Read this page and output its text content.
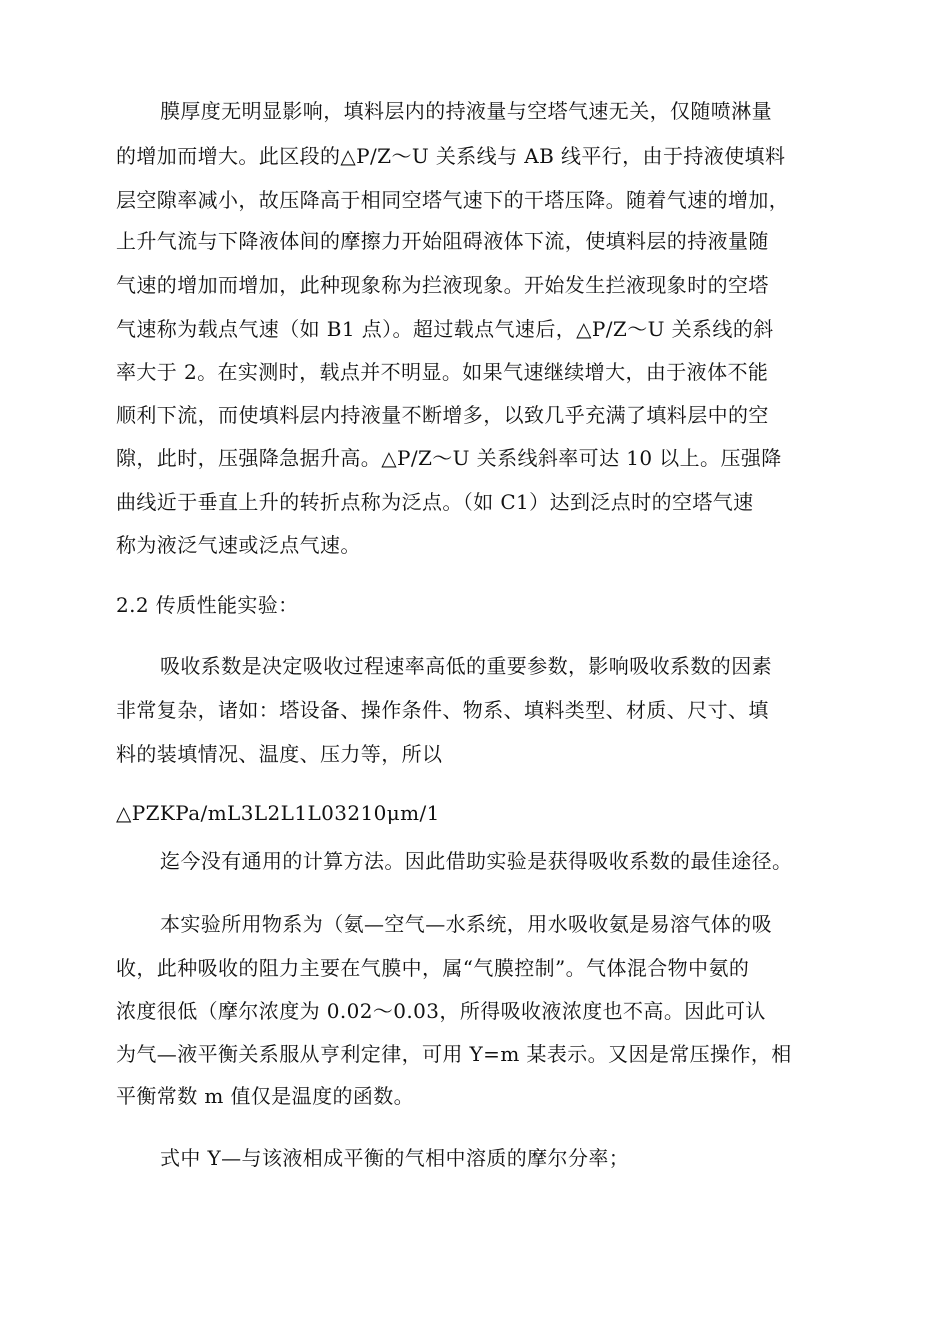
膜厚度无明显影响，填料层内的持液量与空塔气速无关，仅随喷淋量
的增加而增大。此区段的△P/Z～U 关系线与 AB 线平行，由于持液使填料
层空隙率减小，故压降高于相同空塔气速下的干塔压降。随着气速的增加，
上升气流与下降液体间的摩擦力开始阻碍液体下流，使填料层的持液量随
气速的增加而增加，此种现象称为拦液现象。开始发生拦液现象时的空塔
气速称为载点气速（如 B1 点）。超过载点气速后，△P/Z～U 关系线的斜
率大于 2。在实测时，载点并不明显。如果气速继续增大，由于液体不能
顺利下流，而使填料层内持液量不断增多，以致几乎充满了填料层中的空
隙，此时，压强降急据升高。△P/Z～U 关系线斜率可达 10 以上。压强降
曲线近于垂直上升的转折点称为泛点。（如 C1）达到泛点时的空塔气速
称为液泛气速或泛点气速。
2.2 传质性能实验：
吸收系数是决定吸收过程速率高低的重要参数，影响吸收系数的因素
非常复杂，诸如：塔设备、操作条件、物系、填料类型、材质、尺寸、填
料的装填情况、温度、压力等，所以
△PZKPa/mL3L2L1L03210μm/1
迄今没有通用的计算方法。因此借助实验是获得吸收系数的最佳途径。
本实验所用物系为（氨—空气—水系统，用水吸收氨是易溶气体的吸
收，此种吸收的阻力主要在气膜中，属“气膜控制”。气体混合物中氨的
浓度很低（摩尔浓度为 0.02～0.03，所得吸收液浓度也不高。因此可认
为气—液平衡关系服从亨利定律，可用 Y=m 某表示。又因是常压操作，相
平衡常数 m 值仅是温度的函数。
式中 Y—与该液相成平衡的气相中溶质的摩尔分率；
